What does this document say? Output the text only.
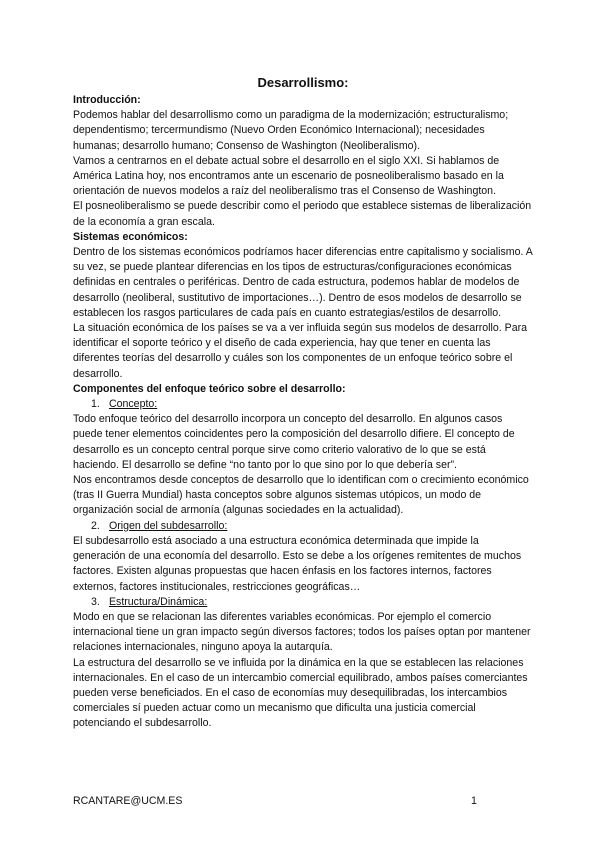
Desarrollismo:
Introducción:

Podemos hablar del desarrollismo como un paradigma de la modernización; estructuralismo; dependentismo; tercermundismo (Nuevo Orden Económico Internacional); necesidades humanas; desarrollo humano; Consenso de Washington (Neoliberalismo).

Vamos a centrarnos en el debate actual sobre el desarrollo en el siglo XXI. Si hablamos de América Latina hoy, nos encontramos ante un escenario de posneoliberalismo basado en la orientación de nuevos modelos a raíz del neoliberalismo tras el Consenso de Washington.

El posneoliberalismo se puede describir como el periodo que establece sistemas de liberalización de la economía a gran escala.

Sistemas económicos:

Dentro de los sistemas económicos podríamos hacer diferencias entre capitalismo y socialismo. A su vez, se puede plantear diferencias en los tipos de estructuras/configuraciones económicas definidas en centrales o periféricas. Dentro de cada estructura, podemos hablar de modelos de desarrollo (neoliberal, sustitutivo de importaciones…). Dentro de esos modelos de desarrollo se establecen los rasgos particulares de cada país en cuanto estrategias/estilos de desarrollo.

La situación económica de los países se va a ver influida según sus modelos de desarrollo. Para identificar el soporte teórico y el diseño de cada experiencia, hay que tener en cuenta las diferentes teorías del desarrollo y cuáles son los componentes de un enfoque teórico sobre el desarrollo.

Componentes del enfoque teórico sobre el desarrollo:
1. Concepto:

Todo enfoque teórico del desarrollo incorpora un concepto del desarrollo. En algunos casos puede tener elementos coincidentes pero la composición del desarrollo difiere. El concepto de desarrollo es un concepto central porque sirve como criterio valorativo de lo que se está haciendo. El desarrollo se define “no tanto por lo que sino por lo que debería ser”.

Nos encontramos desde conceptos de desarrollo que lo identifican com o crecimiento económico (tras II Guerra Mundial) hasta conceptos sobre algunos sistemas utópicos, un modo de organización social de armonía (algunas sociedades en la actualidad).

2. Origen del subdesarrollo:

El subdesarrollo está asociado a una estructura económica determinada que impide la generación de una economía del desarrollo. Esto se debe a los orígenes remitentes de muchos factores. Existen algunas propuestas que hacen énfasis en los factores internos, factores externos, factores institucionales, restricciones geográficas…

3. Estructura/Dinámica:

Modo en que se relacionan las diferentes variables económicas. Por ejemplo el comercio internacional tiene un gran impacto según diversos factores; todos los países optan por mantener relaciones internacionales, ninguno apoya la autarquía.

La estructura del desarrollo se ve influida por la dinámica en la que se establecen las relaciones internacionales. En el caso de un intercambio comercial equilibrado, ambos países comerciantes pueden verse beneficiados. En el caso de economías muy desequilibradas, los intercambios comerciales sí pueden actuar como un mecanismo que dificulta una justicia comercial potenciando el subdesarrollo.

RCANTARE@UCM.ES	1
